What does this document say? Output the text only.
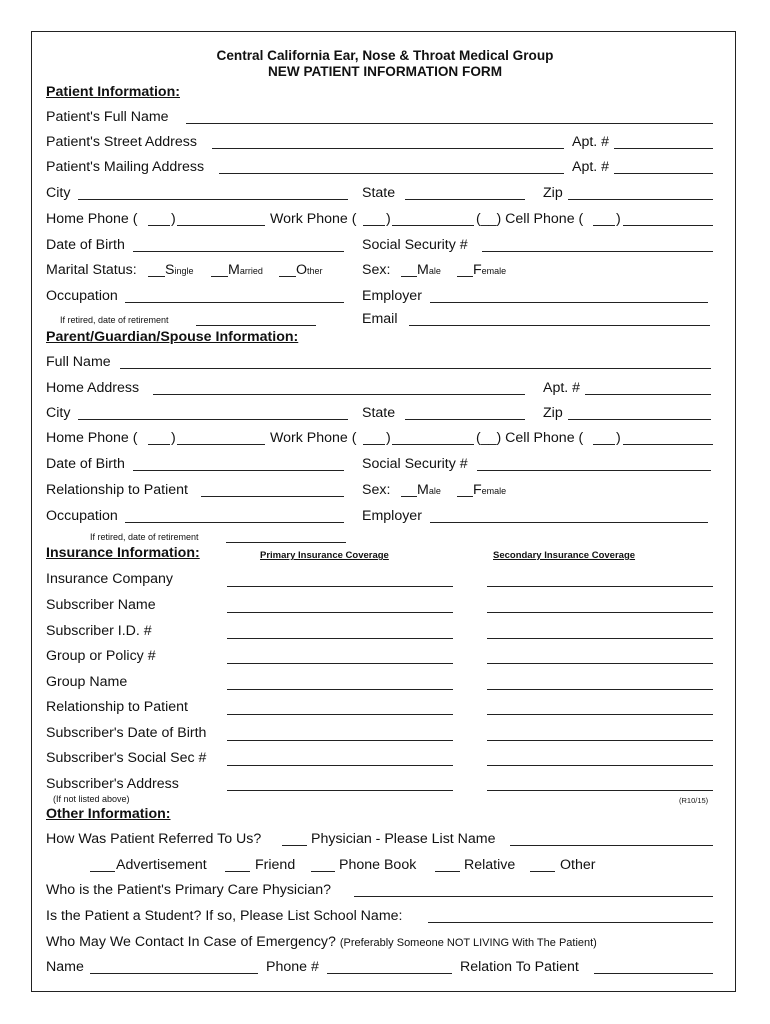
Central California Ear, Nose & Throat Medical Group
NEW PATIENT INFORMATION FORM
Patient Information:
Patient's Full Name
Patient's Street Address	Apt. #
Patient's Mailing Address	Apt. #
City	State	Zip
Home Phone ( )	Work Phone ( )	(__) Cell Phone ( )
Date of Birth	Social Security #
Marital Status: Single Married Other	Sex: Male Female
Occupation	Employer
If retired, date of retirement	Email
Parent/Guardian/Spouse Information:
Full Name
Home Address	Apt. #
City	State	Zip
Home Phone ( )	Work Phone ( )	(__) Cell Phone ( )
Date of Birth	Social Security #
Relationship to Patient	Sex: Male Female
Occupation	Employer
If retired, date of retirement
Insurance Information:	Primary Insurance Coverage	Secondary Insurance Coverage
Insurance Company
Subscriber Name
Subscriber I.D. #
Group or Policy #
Group Name
Relationship to Patient
Subscriber's Date of Birth
Subscriber's Social Sec #
Subscriber's Address
(If not listed above)	(R10/15)
Other Information:
How Was Patient Referred To Us?	Physician - Please List Name
Advertisement	Friend	Phone Book	Relative	Other
Who is the Patient's Primary Care Physician?
Is the Patient a Student? If so, Please List School Name:
Who May We Contact In Case of Emergency? (Preferably Someone NOT LIVING With The Patient)
Name	Phone #	Relation To Patient
